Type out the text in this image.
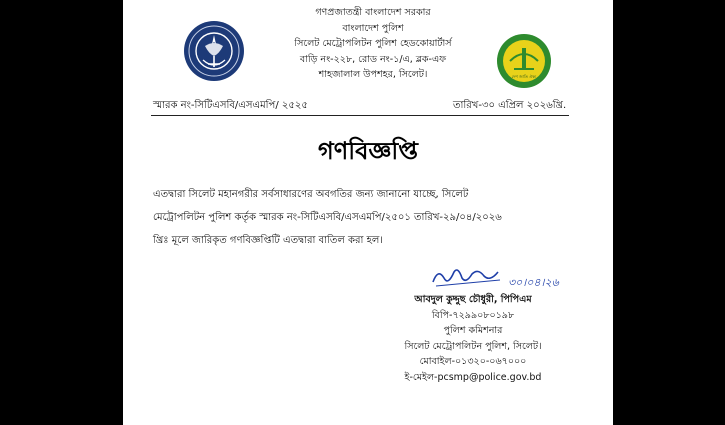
গণপ্রজাতন্ত্রী বাংলাদেশ সরকার
বাংলাদেশ পুলিশ
সিলেট মেট্রোপলিটন পুলিশ হেডকোয়ার্টার্স
বাড়ি নং-২২৮, রোড নং-১/এ, ব্লক-এফ
শাহজালাল উপশহর, সিলেট।	দেশ জাতি ঐক্য
স্মারক নং-সিটিএসবি/এসএমপি/ ২৫২৫	তারিখ-৩০ এপ্রিল ২০২৬খ্রি.
গণবিজ্ঞপ্তি
এতদ্বারা সিলেট মহানগরীর সর্বসাধারণের অবগতির জন্য জানানো যাচ্ছে, সিলেট
মেট্রোপলিটন পুলিশ কর্তৃক স্মারক নং-সিটিএসবি/এসএমপি/২৫০১ তারিখ-২৯/০৪/২০২৬
খ্রিঃ মূলে জারিকৃত গণবিজ্ঞপ্তিটি এতদ্বারা বাতিল করা হল।
৩০।০৪।২৬
আবদুল কুদ্দুছ চৌধুরী, পিপিএম
বিপি-৭২৯৯০৮০১৯৮
পুলিশ কমিশনার
সিলেট মেট্রোপলিটন পুলিশ, সিলেট।
মোবাইল-০১৩২০-০৬৭০০০
ই-মেইল-pcsmp@police.gov.bd
